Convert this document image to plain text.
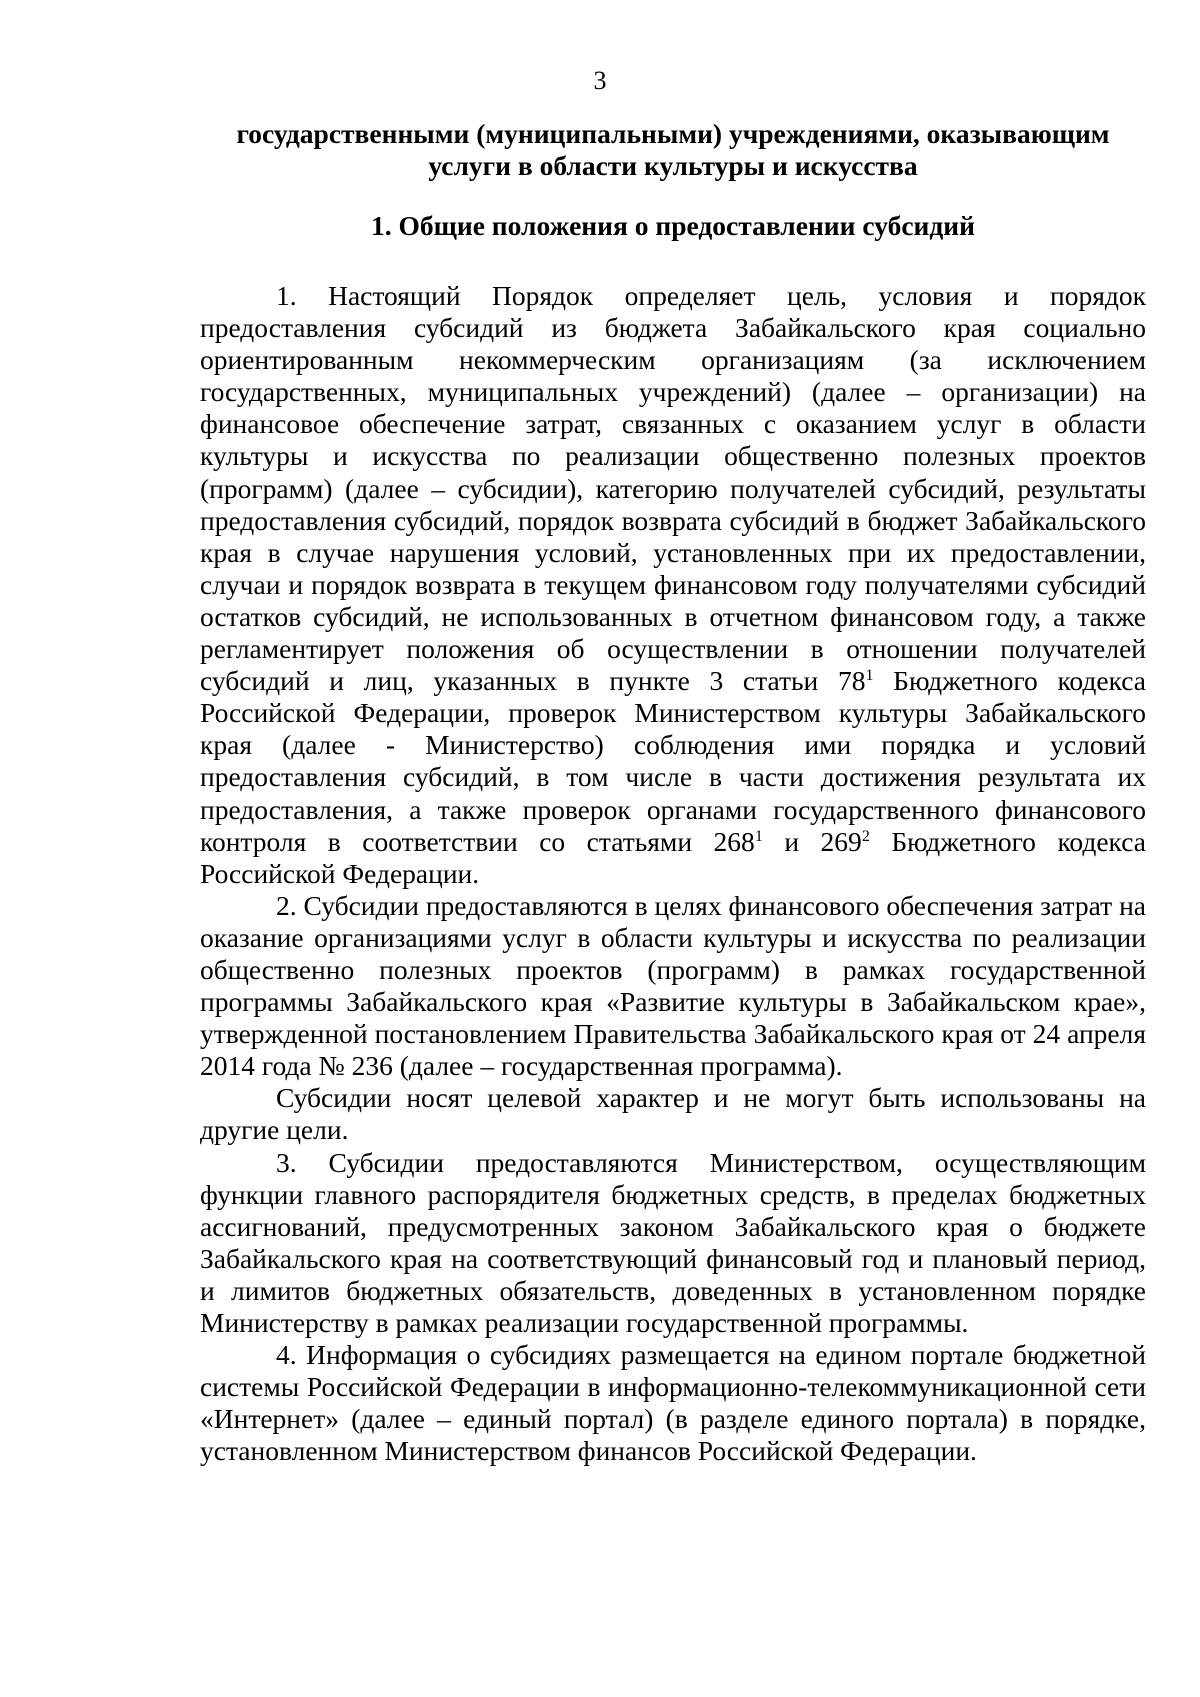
3
государственными (муниципальными) учреждениями, оказывающим услуги в области культуры и искусства
1. Общие положения о предоставлении субсидий

1. Настоящий Порядок определяет цель, условия и порядок предоставления субсидий из бюджета Забайкальского края социально ориентированным некоммерческим организациям (за исключением государственных, муниципальных учреждений) (далее – организации) на финансовое обеспечение затрат, связанных с оказанием услуг в области культуры и искусства по реализации общественно полезных проектов (программ) (далее – субсидии), категорию получателей субсидий, результаты предоставления субсидий, порядок возврата субсидий в бюджет Забайкальского края в случае нарушения условий, установленных при их предоставлении, случаи и порядок возврата в текущем финансовом году получателями субсидий остатков субсидий, не использованных в отчетном финансовом году, а также регламентирует положения об осуществлении в отношении получателей субсидий и лиц, указанных в пункте 3 статьи $78^1$ Бюджетного кодекса Российской Федерации, проверок Министерством культуры Забайкальского края (далее - Министерство) соблюдения ими порядка и условий предоставления субсидий, в том числе в части достижения результата их предоставления, а также проверок органами государственного финансового контроля в соответствии со статьями $268^1$ и $269^2$ Бюджетного кодекса Российской Федерации.

2. Субсидии предоставляются в целях финансового обеспечения затрат на оказание организациями услуг в области культуры и искусства по реализации общественно полезных проектов (программ) в рамках государственной программы Забайкальского края «Развитие культуры в Забайкальском крае», утвержденной постановлением Правительства Забайкальского края от 24 апреля 2014 года № 236 (далее – государственная программа).

Субсидии носят целевой характер и не могут быть использованы на другие цели.

3. Субсидии предоставляются Министерством, осуществляющим функции главного распорядителя бюджетных средств, в пределах бюджетных ассигнований, предусмотренных законом Забайкальского края о бюджете Забайкальского края на соответствующий финансовый год и плановый период, и лимитов бюджетных обязательств, доведенных в установленном порядке Министерству в рамках реализации государственной программы.

4. Информация о субсидиях размещается на едином портале бюджетной системы Российской Федерации в информационно-телекоммуникационной сети «Интернет» (далее – единый портал) (в разделе единого портала) в порядке, установленном Министерством финансов Российской Федерации.
